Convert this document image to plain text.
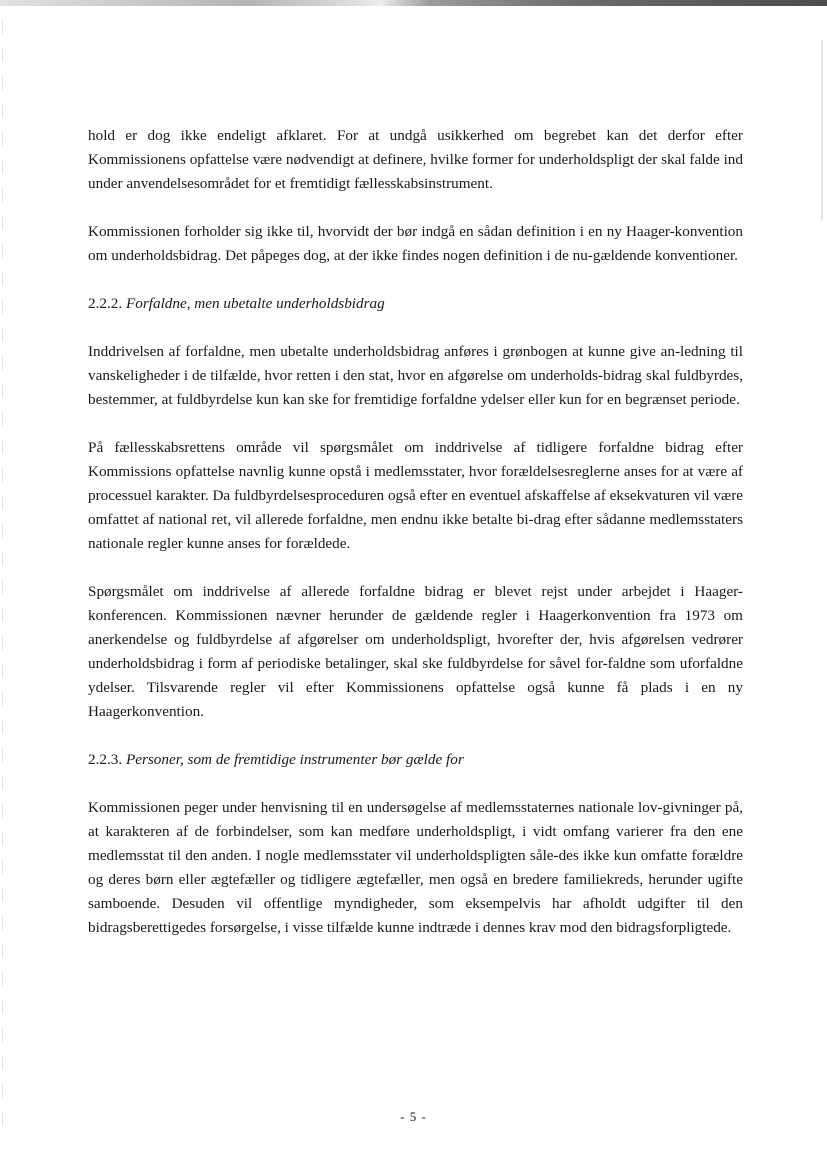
hold er dog ikke endeligt afklaret. For at undgå usikkerhed om begrebet kan det derfor efter Kommissionens opfattelse være nødvendigt at definere, hvilke former for underholdspligt der skal falde ind under anvendelsesområdet for et fremtidigt fællesskabsinstrument.

Kommissionen forholder sig ikke til, hvorvidt der bør indgå en sådan definition i en ny Haager-konvention om underholdsbidrag. Det påpeges dog, at der ikke findes nogen definition i de nu-gældende konventioner.

2.2.2. Forfaldne, men ubetalte underholdsbidrag

Inddrivelsen af forfaldne, men ubetalte underholdsbidrag anføres i grønbogen at kunne give an-ledning til vanskeligheder i de tilfælde, hvor retten i den stat, hvor en afgørelse om underholds-bidrag skal fuldbyrdes, bestemmer, at fuldbyrdelse kun kan ske for fremtidige forfaldne ydelser eller kun for en begrænset periode.

På fællesskabsrettens område vil spørgsmålet om inddrivelse af tidligere forfaldne bidrag efter Kommissions opfattelse navnlig kunne opstå i medlemsstater, hvor forældelsesreglerne anses for at være af processuel karakter. Da fuldbyrdelsesproceduren også efter en eventuel afskaffelse af eksekvaturen vil være omfattet af national ret, vil allerede forfaldne, men endnu ikke betalte bi-drag efter sådanne medlemsstaters nationale regler kunne anses for forældede.

Spørgsmålet om inddrivelse af allerede forfaldne bidrag er blevet rejst under arbejdet i Haager-konferencen. Kommissionen nævner herunder de gældende regler i Haagerkonvention fra 1973 om anerkendelse og fuldbyrdelse af afgørelser om underholdspligt, hvorefter der, hvis afgørelsen vedrører underholdsbidrag i form af periodiske betalinger, skal ske fuldbyrdelse for såvel for-faldne som uforfaldne ydelser. Tilsvarende regler vil efter Kommissionens opfattelse også kunne få plads i en ny Haagerkonvention.

2.2.3. Personer, som de fremtidige instrumenter bør gælde for

Kommissionen peger under henvisning til en undersøgelse af medlemsstaternes nationale lov-givninger på, at karakteren af de forbindelser, som kan medføre underholdspligt, i vidt omfang varierer fra den ene medlemsstat til den anden. I nogle medlemsstater vil underholdspligten såle-des ikke kun omfatte forældre og deres børn eller ægtefæller og tidligere ægtefæller, men også en bredere familiekreds, herunder ugifte samboende. Desuden vil offentlige myndigheder, som eksempelvis har afholdt udgifter til den bidragsberettigedes forsørgelse, i visse tilfælde kunne indtræde i dennes krav mod den bidragsforpligtede.

- 5 -
